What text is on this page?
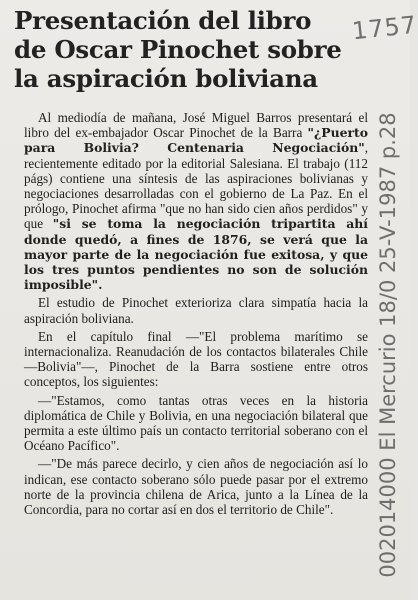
Presentación del libro de Oscar Pinochet sobre la aspiración boliviana
1757
002014000 El Mercurio 18/0 25-V-1987 p.28

Al mediodía de mañana, José Miguel Barros presentará el libro del ex-embajador Oscar Pinochet de la Barra "¿Puerto para Bolivia? Centenaria Negociación", recientemente editado por la editorial Salesiana. El trabajo (112 págs) contiene una síntesis de las aspiraciones bolivianas y negociaciones desarrolladas con el gobierno de La Paz. En el prólogo, Pinochet afirma "que no han sido cien años perdidos" y que "si se toma la negociación tripartita ahí donde quedó, a fines de 1876, se verá que la mayor parte de la negociación fue exitosa, y que los tres puntos pendientes no son de solución imposible".

El estudio de Pinochet exterioriza clara simpatía hacia la aspiración boliviana.

En el capítulo final —"El problema marítimo se internacionaliza. Reanudación de los contactos bilaterales Chile—Bolivia"—, Pinochet de la Barra sostiene entre otros conceptos, los siguientes:

—"Estamos, como tantas otras veces en la historia diplomática de Chile y Bolivia, en una negociación bilateral que permita a este último país un contacto territorial soberano con el Océano Pacífico".

—"De más parece decirlo, y cien años de negociación así lo indican, ese contacto soberano sólo puede pasar por el extremo norte de la provincia chilena de Arica, junto a la Línea de la Concordia, para no cortar así en dos el territorio de Chile".
